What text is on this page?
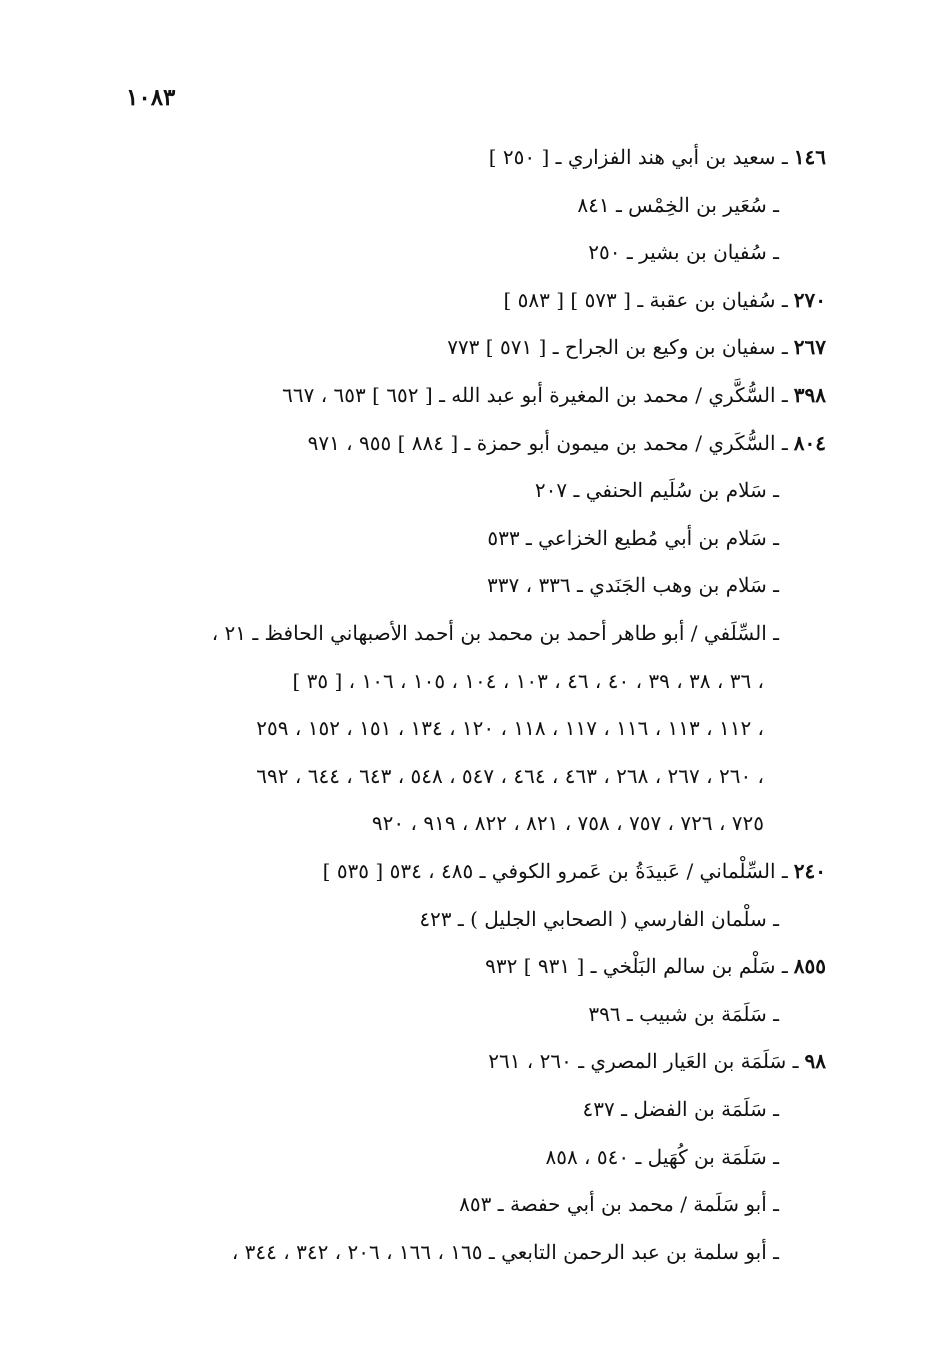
١٠٨٣
١٤٦ـ سعيد بن أبي هند الفزاري ـ [ ٢٥٠ ]
ـ سُعَير بن الخِمْس ـ ٨٤١
ـ سُفيان بن بشير ـ ٢٥٠
٢٧٠ـ سُفيان بن عقبة ـ [ ٥٧٣ ] [ ٥٨٣ ]
٢٦٧ـ سفيان بن وكيع بن الجراح ـ [ ٥٧١ ] ٧٧٣
٣٩٨ـ السُّكَّري / محمد بن المغيرة أبو عبد الله ـ [ ٦٥٢ ] ٦٥٣ ، ٦٦٧
٨٠٤ـ السُّكَري / محمد بن ميمون أبو حمزة ـ [ ٨٨٤ ] ٩٥٥ ، ٩٧١
ـ سَلام بن سُلَيم الحنفي ـ ٢٠٧
ـ سَلام بن أبي مُطيع الخزاعي ـ ٥٣٣
ـ سَلام بن وهب الجَنَدي ـ ٣٣٦ ، ٣٣٧
ـ السِّلَفي / أبو طاهر أحمد بن محمد بن أحمد الأصبهاني الحافظ ـ ٢١ ،
[ ٣٥ ] ، ٣٦ ، ٣٨ ، ٣٩ ، ٤٠ ، ٤٦ ، ١٠٣ ، ١٠٤ ، ١٠٥ ، ١٠٦ ،
١١٢ ، ١١٣ ، ١١٦ ، ١١٧ ، ١١٨ ، ١٢٠ ، ١٣٤ ، ١٥١ ، ١٥٢ ، ٢٥٩ ،
٢٦٠ ، ٢٦٧ ، ٢٦٨ ، ٤٦٣ ، ٤٦٤ ، ٥٤٧ ، ٥٤٨ ، ٦٤٣ ، ٦٤٤ ، ٦٩٢ ،
٧٢٥ ، ٧٢٦ ، ٧٥٧ ، ٧٥٨ ، ٨٢١ ، ٨٢٢ ، ٩١٩ ، ٩٢٠
٢٤٠ـ السِّلْماني / عَبيدَةُ بن عَمرو الكوفي ـ ٤٨٥ ، ٥٣٤ [ ٥٣٥ ]
ـ سلْمان الفارسي ( الصحابي الجليل ) ـ ٤٢٣
٨٥٥ـ سَلْم بن سالم البَلْخي ـ [ ٩٣١ ] ٩٣٢
ـ سَلَمَة بن شبيب ـ ٣٩٦
٩٨ـ سَلَمَة بن العَيار المصري ـ ٢٦٠ ، ٢٦١
ـ سَلَمَة بن الفضل ـ ٤٣٧
ـ سَلَمَة بن كُهَيل ـ ٥٤٠ ، ٨٥٨
ـ أبو سَلَمة / محمد بن أبي حفصة ـ ٨٥٣
ـ أبو سلمة بن عبد الرحمن التابعي ـ ١٦٥ ، ١٦٦ ، ٢٠٦ ، ٣٤٢ ، ٣٤٤ ،
